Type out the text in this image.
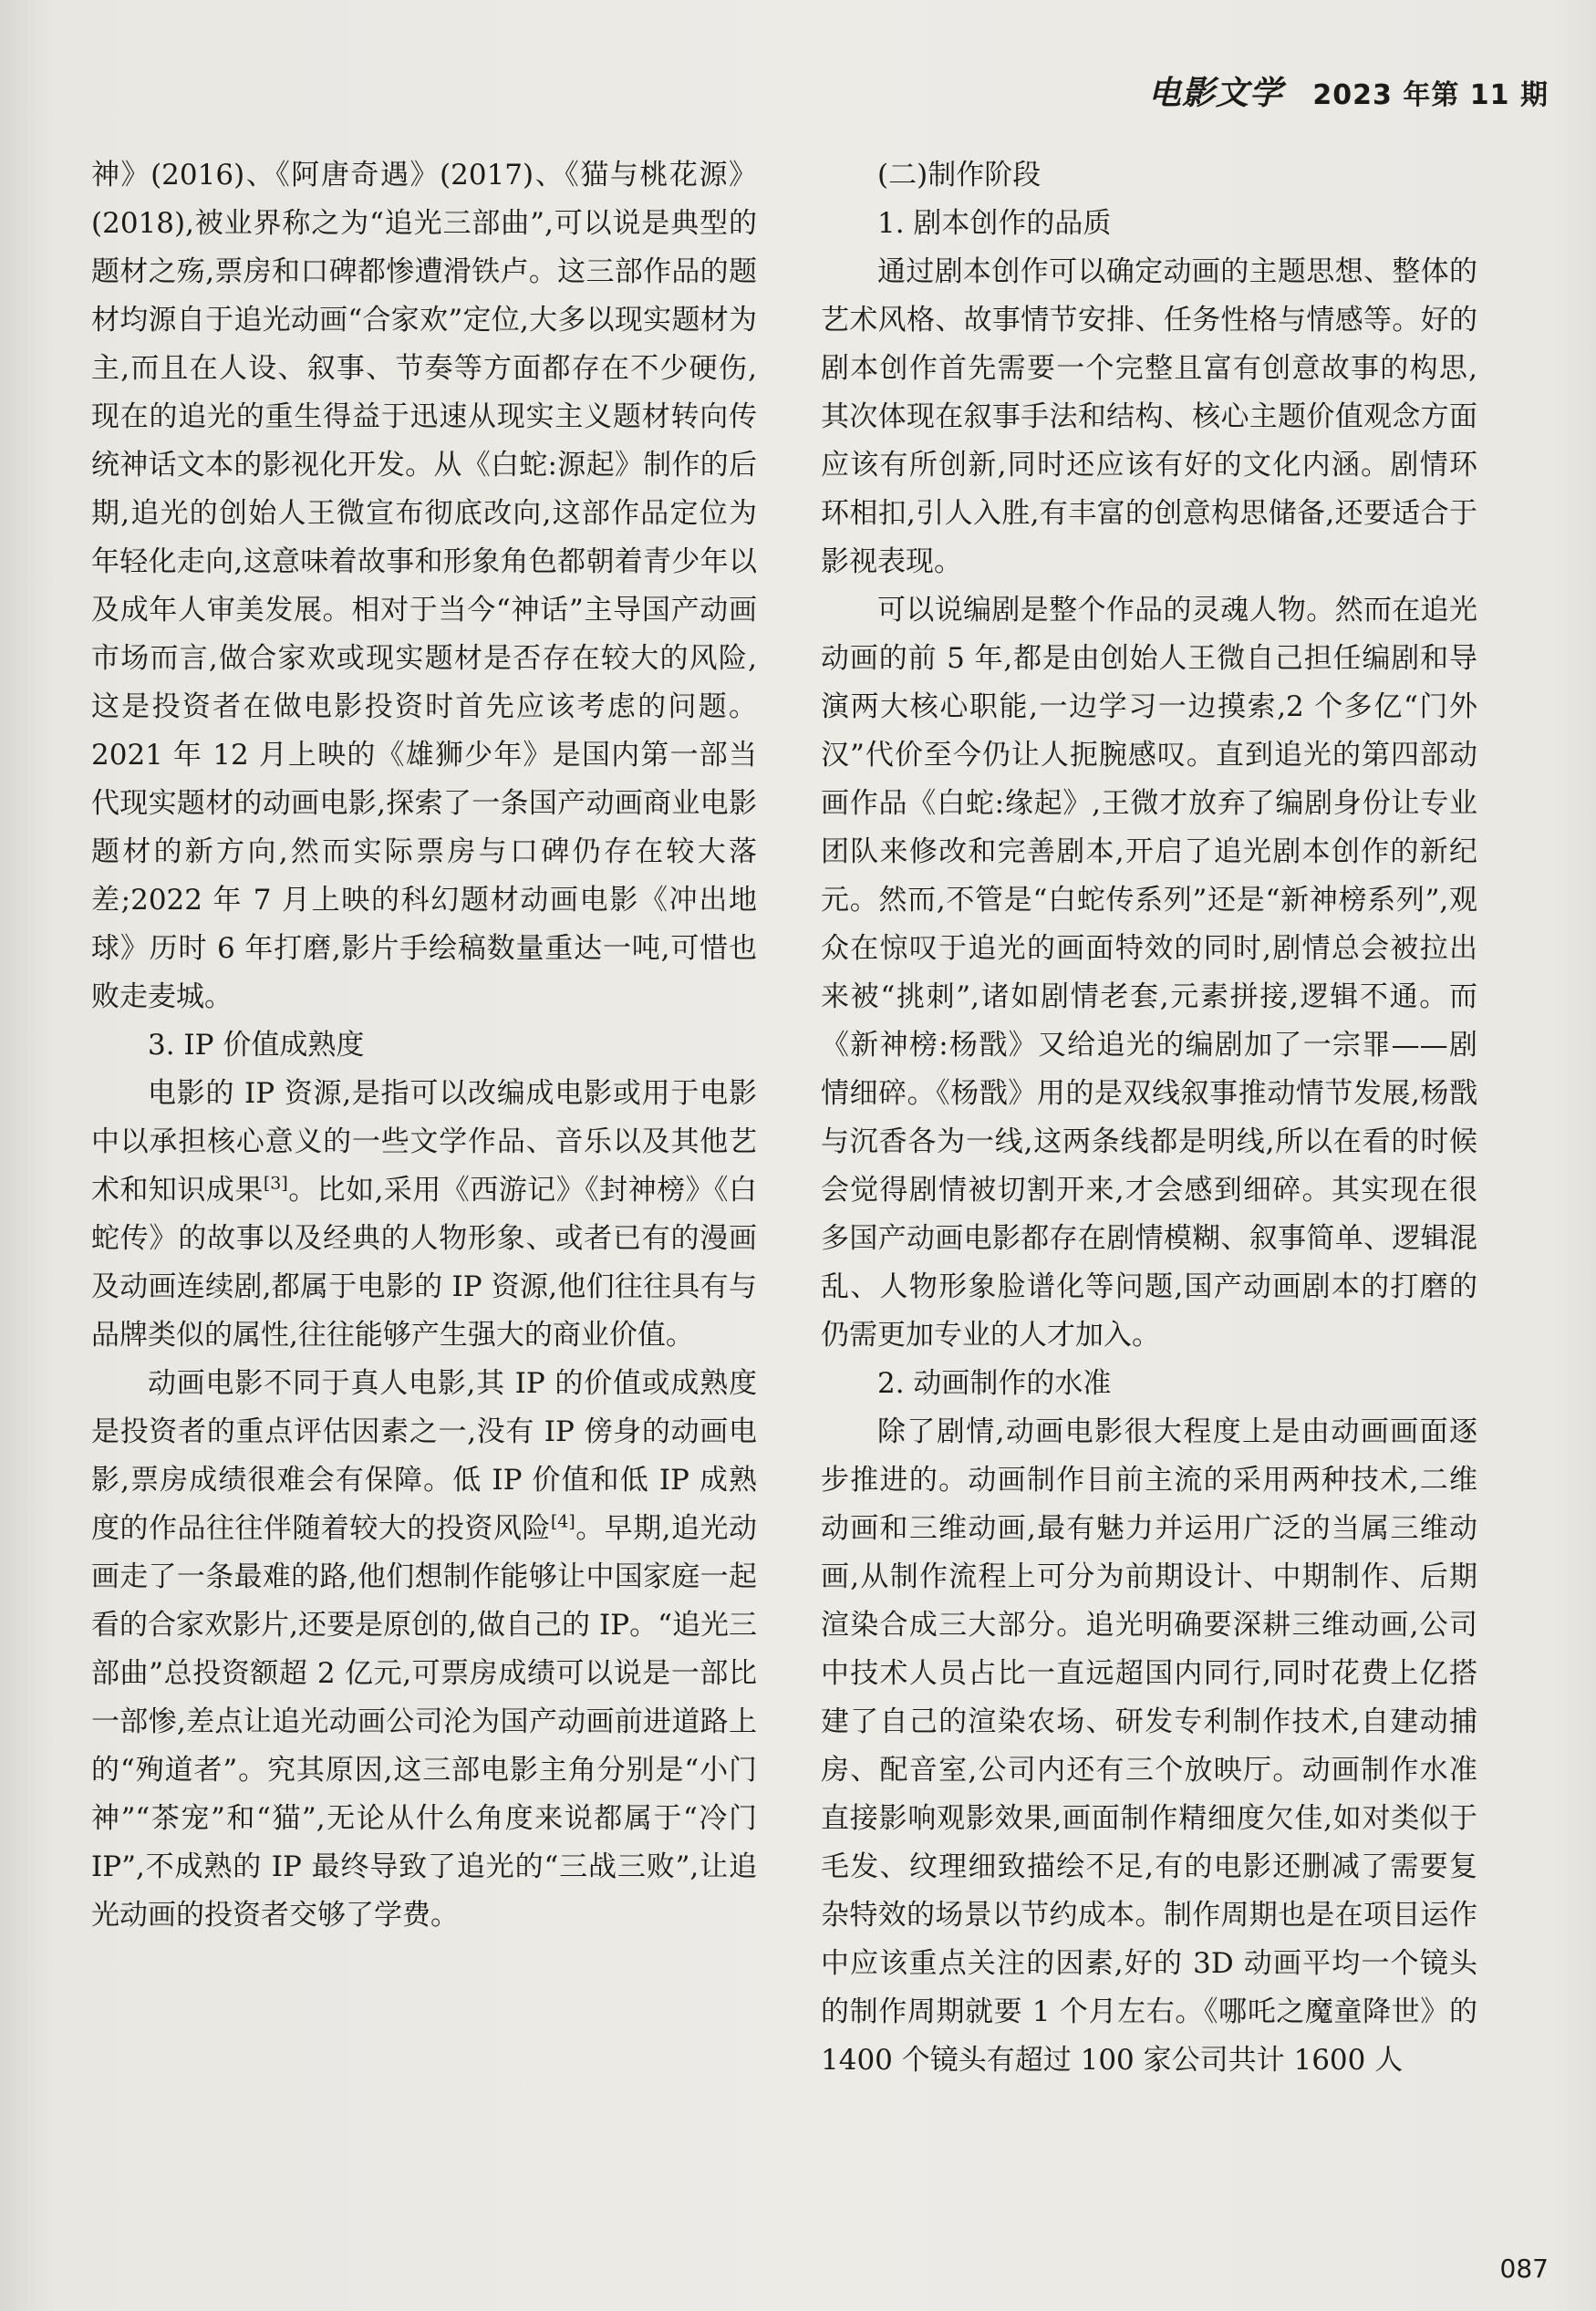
电影文学 2023 年第 11 期

神》(2016)、《阿唐奇遇》(2017)、《猫与桃花源》(2018),被业界称之为“追光三部曲”,可以说是典型的题材之殇,票房和口碑都惨遭滑铁卢。这三部作品的题材均源自于追光动画“合家欢”定位,大多以现实题材为主,而且在人设、叙事、节奏等方面都存在不少硬伤,现在的追光的重生得益于迅速从现实主义题材转向传统神话文本的影视化开发。从《白蛇:源起》制作的后期,追光的创始人王微宣布彻底改向,这部作品定位为年轻化走向,这意味着故事和形象角色都朝着青少年以及成年人审美发展。相对于当今“神话”主导国产动画市场而言,做合家欢或现实题材是否存在较大的风险,这是投资者在做电影投资时首先应该考虑的问题。2021 年 12 月上映的《雄狮少年》是国内第一部当代现实题材的动画电影,探索了一条国产动画商业电影题材的新方向,然而实际票房与口碑仍存在较大落差;2022 年 7 月上映的科幻题材动画电影《冲出地球》历时 6 年打磨,影片手绘稿数量重达一吨,可惜也败走麦城。

3. IP 价值成熟度

电影的 IP 资源,是指可以改编成电影或用于电影中以承担核心意义的一些文学作品、音乐以及其他艺术和知识成果[3]。比如,采用《西游记》《封神榜》《白蛇传》的故事以及经典的人物形象、或者已有的漫画及动画连续剧,都属于电影的 IP 资源,他们往往具有与品牌类似的属性,往往能够产生强大的商业价值。

动画电影不同于真人电影,其 IP 的价值或成熟度是投资者的重点评估因素之一,没有 IP 傍身的动画电影,票房成绩很难会有保障。低 IP 价值和低 IP 成熟度的作品往往伴随着较大的投资风险[4]。早期,追光动画走了一条最难的路,他们想制作能够让中国家庭一起看的合家欢影片,还要是原创的,做自己的 IP。“追光三部曲”总投资额超 2 亿元,可票房成绩可以说是一部比一部惨,差点让追光动画公司沦为国产动画前进道路上的“殉道者”。究其原因,这三部电影主角分别是“小门神”“茶宠”和“猫”,无论从什么角度来说都属于“冷门 IP”,不成熟的 IP 最终导致了追光的“三战三败”,让追光动画的投资者交够了学费。

(二)制作阶段
1. 剧本创作的品质

通过剧本创作可以确定动画的主题思想、整体的艺术风格、故事情节安排、任务性格与情感等。好的剧本创作首先需要一个完整且富有创意故事的构思,其次体现在叙事手法和结构、核心主题价值观念方面应该有所创新,同时还应该有好的文化内涵。剧情环环相扣,引人入胜,有丰富的创意构思储备,还要适合于影视表现。

可以说编剧是整个作品的灵魂人物。然而在追光动画的前 5 年,都是由创始人王微自己担任编剧和导演两大核心职能,一边学习一边摸索,2 个多亿“门外汉”代价至今仍让人扼腕感叹。直到追光的第四部动画作品《白蛇:缘起》,王微才放弃了编剧身份让专业团队来修改和完善剧本,开启了追光剧本创作的新纪元。然而,不管是“白蛇传系列”还是“新神榜系列”,观众在惊叹于追光的画面特效的同时,剧情总会被拉出来被“挑刺”,诸如剧情老套,元素拼接,逻辑不通。而《新神榜:杨戬》又给追光的编剧加了一宗罪——剧情细碎。《杨戬》用的是双线叙事推动情节发展,杨戬与沉香各为一线,这两条线都是明线,所以在看的时候会觉得剧情被切割开来,才会感到细碎。其实现在很多国产动画电影都存在剧情模糊、叙事简单、逻辑混乱、人物形象脸谱化等问题,国产动画剧本的打磨的仍需更加专业的人才加入。

2. 动画制作的水准

除了剧情,动画电影很大程度上是由动画画面逐步推进的。动画制作目前主流的采用两种技术,二维动画和三维动画,最有魅力并运用广泛的当属三维动画,从制作流程上可分为前期设计、中期制作、后期渲染合成三大部分。追光明确要深耕三维动画,公司中技术人员占比一直远超国内同行,同时花费上亿搭建了自己的渲染农场、研发专利制作技术,自建动捕房、配音室,公司内还有三个放映厅。动画制作水准直接影响观影效果,画面制作精细度欠佳,如对类似于毛发、纹理细致描绘不足,有的电影还删减了需要复杂特效的场景以节约成本。制作周期也是在项目运作中应该重点关注的因素,好的 3D 动画平均一个镜头的制作周期就要 1 个月左右。《哪吒之魔童降世》的 1400 个镜头有超过 100 家公司共计 1600 人

087
